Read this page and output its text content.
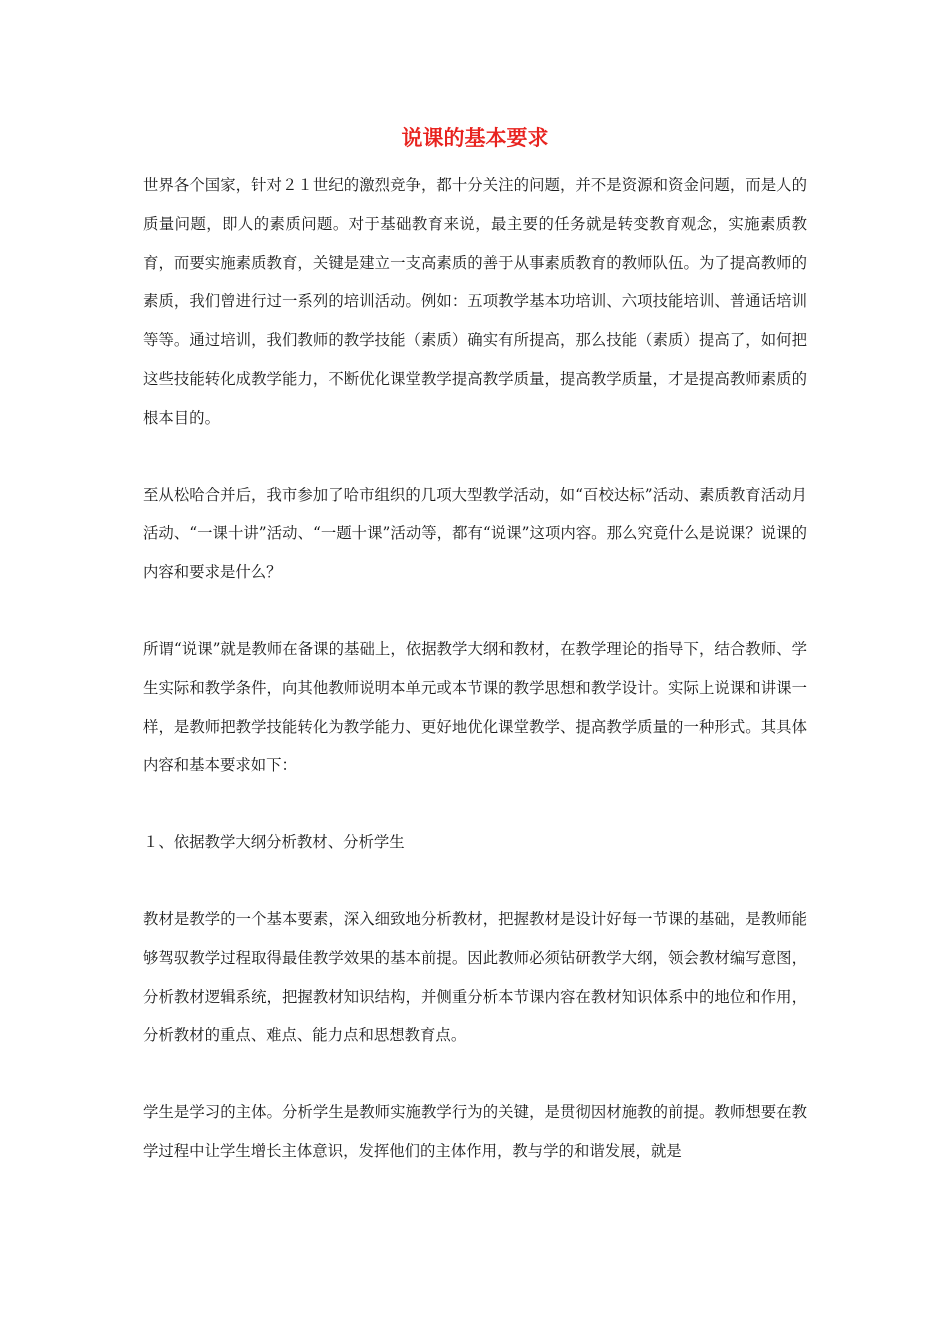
说课的基本要求

世界各个国家，针对２１世纪的激烈竞争，都十分关注的问题，并不是资源和资金问题，而是人的质量问题，即人的素质问题。对于基础教育来说，最主要的任务就是转变教育观念，实施素质教育，而要实施素质教育，关键是建立一支高素质的善于从事素质教育的教师队伍。为了提高教师的素质，我们曾进行过一系列的培训活动。例如：五项教学基本功培训、六项技能培训、普通话培训等等。通过培训，我们教师的教学技能（素质）确实有所提高，那么技能（素质）提高了，如何把这些技能转化成教学能力，不断优化课堂教学提高教学质量，提高教学质量，才是提高教师素质的根本目的。

至从松哈合并后，我市参加了哈市组织的几项大型教学活动，如“百校达标”活动、素质教育活动月活动、“一课十讲”活动、“一题十课”活动等，都有“说课”这项内容。那么究竟什么是说课？说课的内容和要求是什么？

所谓“说课”就是教师在备课的基础上，依据教学大纲和教材，在教学理论的指导下，结合教师、学生实际和教学条件，向其他教师说明本单元或本节课的教学思想和教学设计。实际上说课和讲课一样，是教师把教学技能转化为教学能力、更好地优化课堂教学、提高教学质量的一种形式。其具体内容和基本要求如下：

１、依据教学大纲分析教材、分析学生

教材是教学的一个基本要素，深入细致地分析教材，把握教材是设计好每一节课的基础，是教师能够驾驭教学过程取得最佳教学效果的基本前提。因此教师必须钻研教学大纲，领会教材编写意图，分析教材逻辑系统，把握教材知识结构，并侧重分析本节课内容在教材知识体系中的地位和作用，分析教材的重点、难点、能力点和思想教育点。

学生是学习的主体。分析学生是教师实施教学行为的关键，是贯彻因材施教的前提。教师想要在教学过程中让学生增长主体意识，发挥他们的主体作用，教与学的和谐发展，就是
